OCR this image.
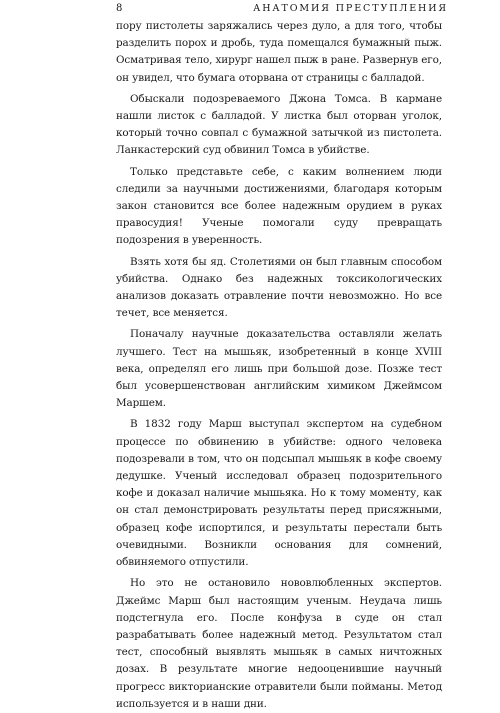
8	АНАТОМИЯ ПРЕСТУПЛЕНИЯ

пору пистолеты заряжались через дуло, а для того, чтобы разделить порох и дробь, туда помещался бумажный пыж. Осматривая тело, хирург нашел пыж в ране. Развернув его, он увидел, что бумага оторвана от страницы с балладой.

Обыскали подозреваемого Джона Томса. В кармане нашли листок с балладой. У листка был оторван уголок, который точно совпал с бумажной затычкой из пистолета. Ланкастерский суд обвинил Томса в убийстве.

Только представьте себе, с каким волнением люди следили за научными достижениями, благодаря которым закон становится все более надежным орудием в руках правосудия! Ученые помогали суду превращать подозрения в уверенность.

Взять хотя бы яд. Столетиями он был главным способом убийства. Однако без надежных токсикологических анализов доказать отравление почти невозможно. Но все течет, все меняется.

Поначалу научные доказательства оставляли желать лучшего. Тест на мышьяк, изобретенный в конце XVIII века, определял его лишь при большой дозе. Позже тест был усовершенствован английским химиком Джеймсом Маршем.

В 1832 году Марш выступал экспертом на судебном процессе по обвинению в убийстве: одного человека подозревали в том, что он подсыпал мышьяк в кофе своему дедушке. Ученый исследовал образец подозрительного кофе и доказал наличие мышьяка. Но к тому моменту, как он стал демонстрировать результаты перед присяжными, образец кофе испортился, и результаты перестали быть очевидными. Возникли основания для сомнений, обвиняемого отпустили.

Но это не остановило нововлюбленных экспертов. Джеймс Марш был настоящим ученым. Неудача лишь подстегнула его. После конфуза в суде он стал разрабатывать более надежный метод. Результатом стал тест, способный выявлять мышьяк в самых ничтожных дозах. В результате многие недооценившие научный прогресс викторианские отравители были пойманы. Метод используется и в наши дни.
